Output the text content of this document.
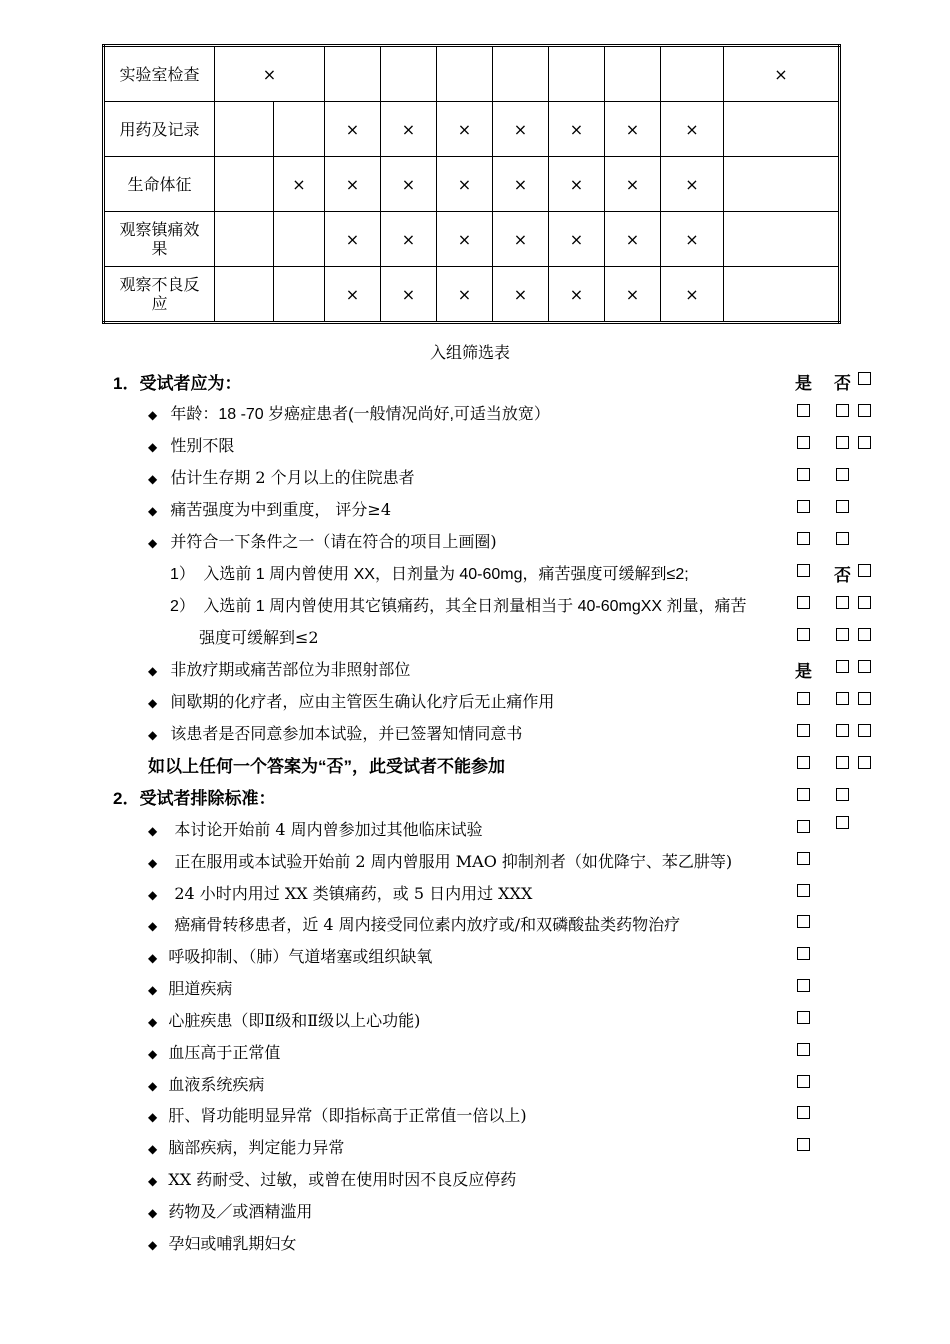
实验室检查	×									×
用药及记录			×	×	×	×	×	×	×	
生命体征		×	×	×	×	×	×	×	×	
观察镇痛效果			×	×	×	×	×	×	×	
观察不良反应			×	×	×	×	×	×	×	
入组筛选表
1．受试者应为：	是 否
◆ 年龄：18 -70 岁癌症患者(一般情况尚好,可适当放宽）
◆ 性别不限
◆ 估计生存期 2 个月以上的住院患者
◆ 痛苦强度为中到重度， 评分≥4
◆ 并符合一下条件之一（请在符合的项目上画圈)
1） 入选前 1 周内曾使用 XX，日剂量为 40-60mg，痛苦强度可缓解到≤2;	否
2） 入选前 1 周内曾使用其它镇痛药，其全日剂量相当于 40-60mgXX 剂量，痛苦
强度可缓解到≤2
◆ 非放疗期或痛苦部位为非照射部位	是
◆ 间歇期的化疗者，应由主管医生确认化疗后无止痛作用
◆ 该患者是否同意参加本试验，并已签署知情同意书
如以上任何一个答案为“否”，此受试者不能参加
2．受试者排除标准：
◆ 本讨论开始前 4 周内曾参加过其他临床试验
◆ 正在服用或本试验开始前 2 周内曾服用 MAO 抑制剂者（如优降宁、苯乙肼等)
◆ 24 小时内用过 XX 类镇痛药，或 5 日内用过 XXX
◆ 癌痛骨转移患者，近 4 周内接受同位素内放疗或/和双磷酸盐类药物治疗
◆ 呼吸抑制、（肺）气道堵塞或组织缺氧
◆ 胆道疾病
◆ 心脏疾患（即Ⅱ级和Ⅱ级以上心功能)
◆ 血压高于正常值
◆ 血液系统疾病
◆ 肝、肾功能明显异常（即指标高于正常值一倍以上)
◆ 脑部疾病，判定能力异常
◆ XX 药耐受、过敏，或曾在使用时因不良反应停药
◆ 药物及／或酒精滥用
◆ 孕妇或哺乳期妇女
